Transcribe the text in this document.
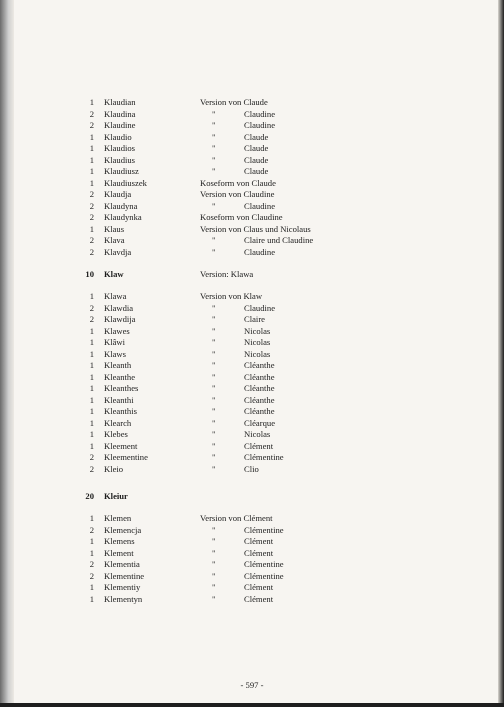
1 Klaudian	Version von Claude
2 Klaudina	"	Claudine
2 Klaudine	"	Claudine
1 Klaudio	"	Claude
1 Klaudios	"	Claude
1 Klaudius	"	Claude
1 Klaudiusz	"	Claude
1 Klaudiuszek	Koseform von Claude
2 Klaudja	Version von Claudine
2 Klaudyna	"	Claudine
2 Klaudynka	Koseform von Claudine
1 Klaus	Version von Claus und Nicolaus
2 Klava	"	Claire und Claudine
2 Klavdja	"	Claudine
10 Klaw	Version: Klawa
1 Klawa	Version von Klaw
2 Klawdia	"	Claudine
2 Klawdija	"	Claire
1 Klawes	"	Nicolas
1 Klâwi	"	Nicolas
1 Klaws	"	Nicolas
1 Kleanth	"	Cléanthe
1 Kleanthe	"	Cléanthe
1 Kleanthes	"	Cléanthe
1 Kleanthi	"	Cléanthe
1 Kleanthis	"	Cléanthe
1 Klearch	"	Cléarque
1 Klebes	"	Nicolas
1 Kleement	"	Clément
2 Kleementine	"	Clémentine
2 Kleio	"	Clio
20 Kleiur
1 Klemen	Version von Clément
2 Klemencja	"	Clémentine
1 Klemens	"	Clément
1 Klement	"	Clément
2 Klementia	"	Clémentine
2 Klementine	"	Clémentine
1 Klementiy	"	Clément
1 Klementyn	"	Clément
- 597 -
